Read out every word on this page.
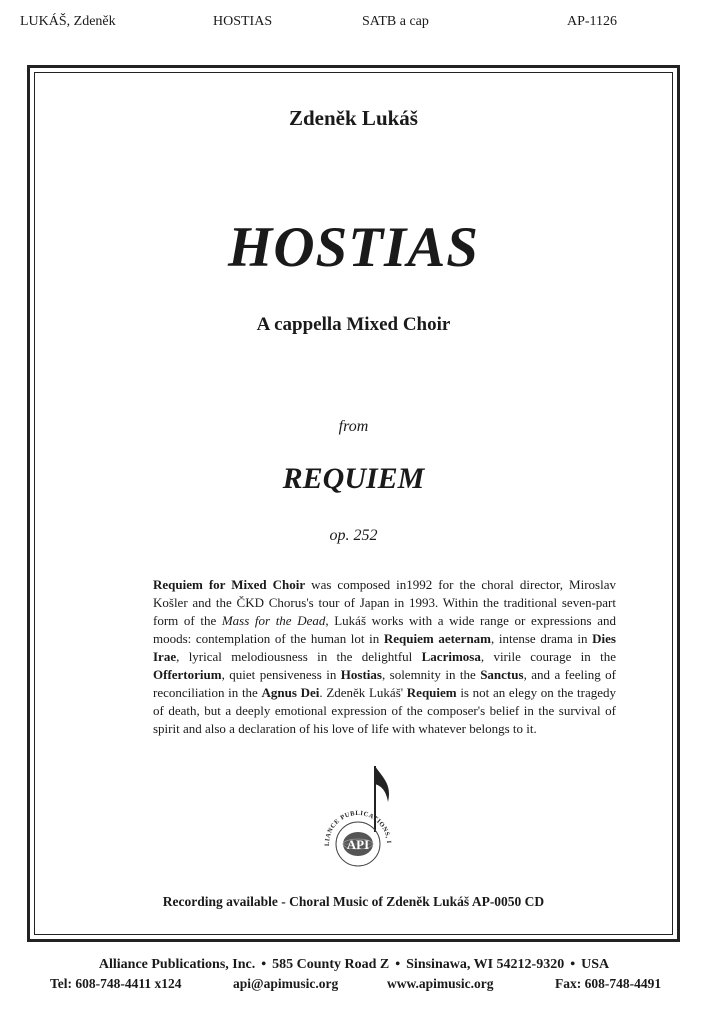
LUKÁŠ, Zdeněk	HOSTIAS	SATB a cap	AP-1126
Zdeněk Lukáš
HOSTIAS
A cappella Mixed Choir
from
REQUIEM
op. 252
Requiem for Mixed Choir was composed in1992 for the choral director, Miroslav Košler and the ČKD Chorus's tour of Japan in 1993. Within the traditional seven-part form of the Mass for the Dead, Lukáš works with a wide range or expressions and moods: contemplation of the human lot in Requiem aeternam, intense drama in Dies Irae, lyrical melodiousness in the delightful Lacrimosa, virile courage in the Offertorium, quiet pensiveness in Hostias, solemnity in the Sanctus, and a feeling of reconciliation in the Agnus Dei. Zdeněk Lukáš' Requiem is not an elegy on the tragedy of death, but a deeply emotional expression of the composer's belief in the survival of spirit and also a declaration of his love of life with whatever belongs to it.
API
LIANCE PUBLICATIONS, I
Recording available - Choral Music of Zdeněk Lukáš AP-0050 CD
Alliance Publications, Inc. • 585 County Road Z • Sinsinawa, WI 54212-9320 • USA
Tel: 608-748-4411 x124	api@apimusic.org	www.apimusic.org	Fax: 608-748-4491
